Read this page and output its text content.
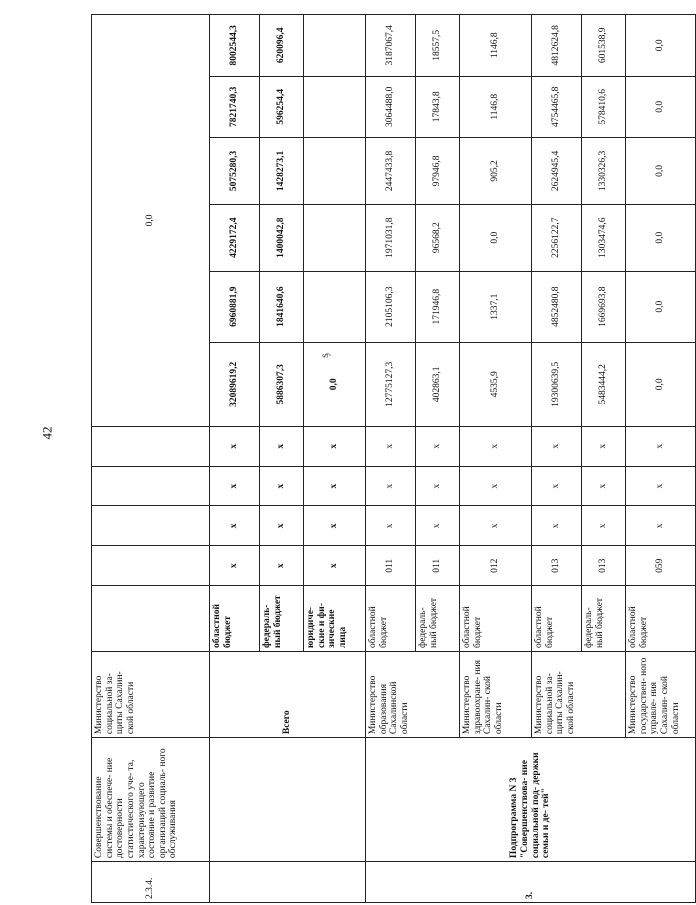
42
ᶊ
2.3.4.	Совершенствование системы и обеспече- ние достоверности статистического уче- та, характеризующего состояние и развитие организаций социаль- ного обслуживания	Министерство социальной за- щиты Сахалин- ской области						0,0					
		Всего	областной бюджет	х	х	х	х	32089619,2	6960881,9	4229172,4	5075280,3	7821740,3	8002544,3
			федераль- ный бюджет	х	х	х	х	5886307,3	1841640,6	1400042,8	1428273,1	596254,4	620096,4
			юридиче- ские и фи- зические лица	х	х	х	х	0,0					
3.	Подпрограмма N 3 "Совершенствова- ние социальной под- держки семьи и де- тей"	Министерство образования Сахалинской области	областной бюджет	011	х	х	х	12775127,3	2105106,3	1971031,8	2447433,8	3064488,0	3187067,4
			федераль- ный бюджет	011	х	х	х	402863,1	171946,8	96568,2	97946,8	17843,8	18557,5
		Министерство здравоохране- ния Сахалин- ской области	областной бюджет	012	х	х	х	4535,9	1337,1	0,0	905,2	1146,8	1146,8
		Министерство социальной за- щиты Сахалин- ской области	областной бюджет	013	х	х	х	19300639,5	4852480,8	2256122,7	2624945,4	4754465,8	4812624,8
			федераль- ный бюджет	013	х	х	х	5483444,2	1669693,8	1303474,6	1330326,3	578410,6	601538,9
		Министерство государствен- ного управле- ния Сахалин- ской области	областной бюджет	059	х	х	х	0,0	0,0	0,0	0,0	0,0	0,0
